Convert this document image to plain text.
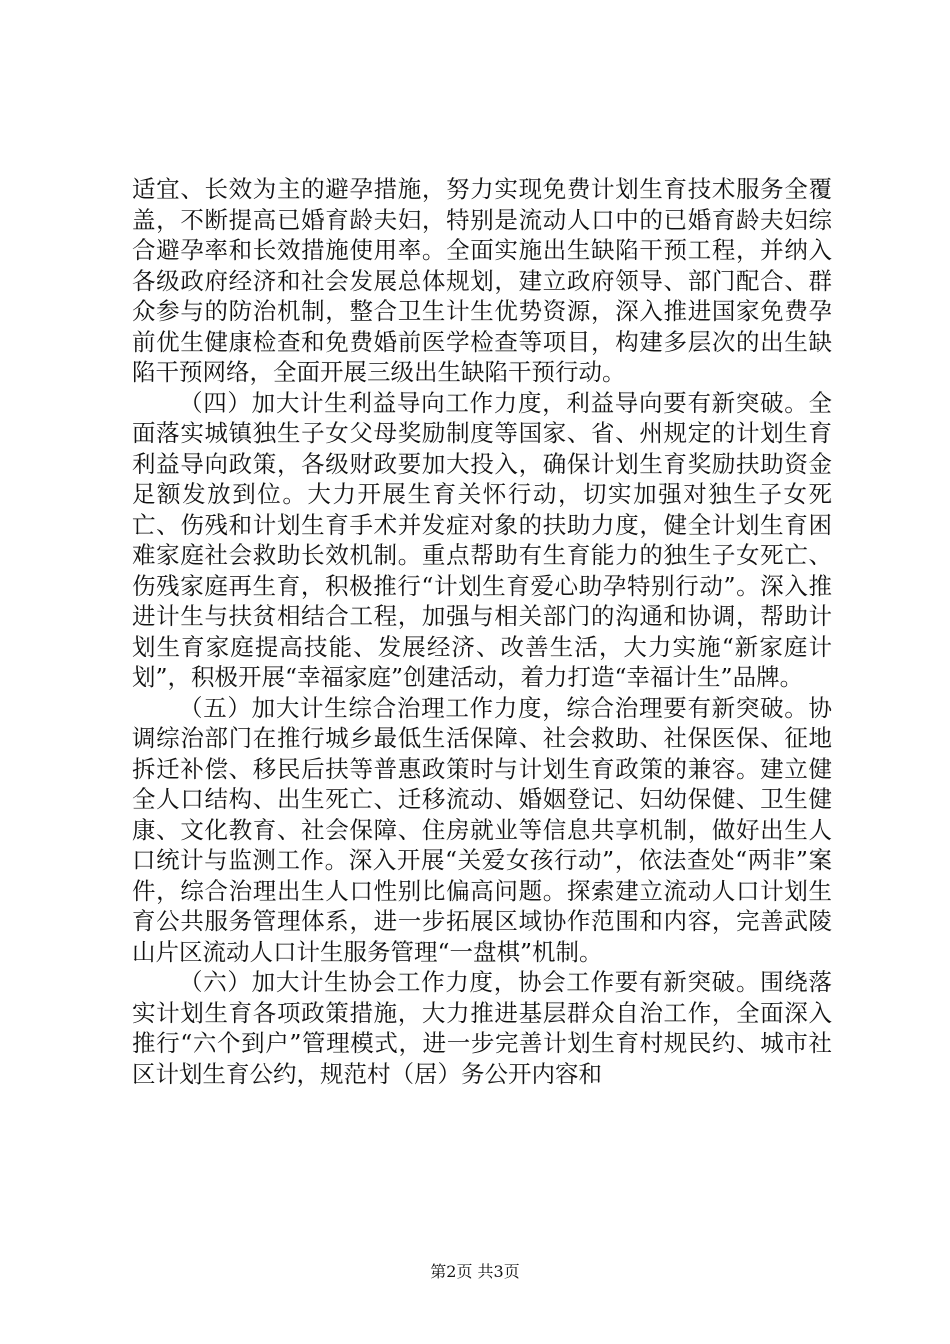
适宜、长效为主的避孕措施，努力实现免费计划生育技术服务全覆盖，不断提高已婚育龄夫妇，特别是流动人口中的已婚育龄夫妇综合避孕率和长效措施使用率。全面实施出生缺陷干预工程，并纳入各级政府经济和社会发展总体规划，建立政府领导、部门配合、群众参与的防治机制，整合卫生计生优势资源，深入推进国家免费孕前优生健康检查和免费婚前医学检查等项目，构建多层次的出生缺陷干预网络，全面开展三级出生缺陷干预行动。

（四）加大计生利益导向工作力度，利益导向要有新突破。全面落实城镇独生子女父母奖励制度等国家、省、州规定的计划生育利益导向政策，各级财政要加大投入，确保计划生育奖励扶助资金足额发放到位。大力开展生育关怀行动，切实加强对独生子女死亡、伤残和计划生育手术并发症对象的扶助力度，健全计划生育困难家庭社会救助长效机制。重点帮助有生育能力的独生子女死亡、伤残家庭再生育，积极推行“计划生育爱心助孕特别行动”。深入推进计生与扶贫相结合工程，加强与相关部门的沟通和协调，帮助计划生育家庭提高技能、发展经济、改善生活，大力实施“新家庭计划”，积极开展“幸福家庭”创建活动，着力打造“幸福计生”品牌。

（五）加大计生综合治理工作力度，综合治理要有新突破。协调综治部门在推行城乡最低生活保障、社会救助、社保医保、征地拆迁补偿、移民后扶等普惠政策时与计划生育政策的兼容。建立健全人口结构、出生死亡、迁移流动、婚姻登记、妇幼保健、卫生健康、文化教育、社会保障、住房就业等信息共享机制，做好出生人口统计与监测工作。深入开展“关爱女孩行动”，依法查处“两非”案件，综合治理出生人口性别比偏高问题。探索建立流动人口计划生育公共服务管理体系，进一步拓展区域协作范围和内容，完善武陵山片区流动人口计生服务管理“一盘棋”机制。

（六）加大计生协会工作力度，协会工作要有新突破。围绕落实计划生育各项政策措施，大力推进基层群众自治工作，全面深入推行“六个到户”管理模式，进一步完善计划生育村规民约、城市社区计划生育公约，规范村（居）务公开内容和

第2页 共3页
